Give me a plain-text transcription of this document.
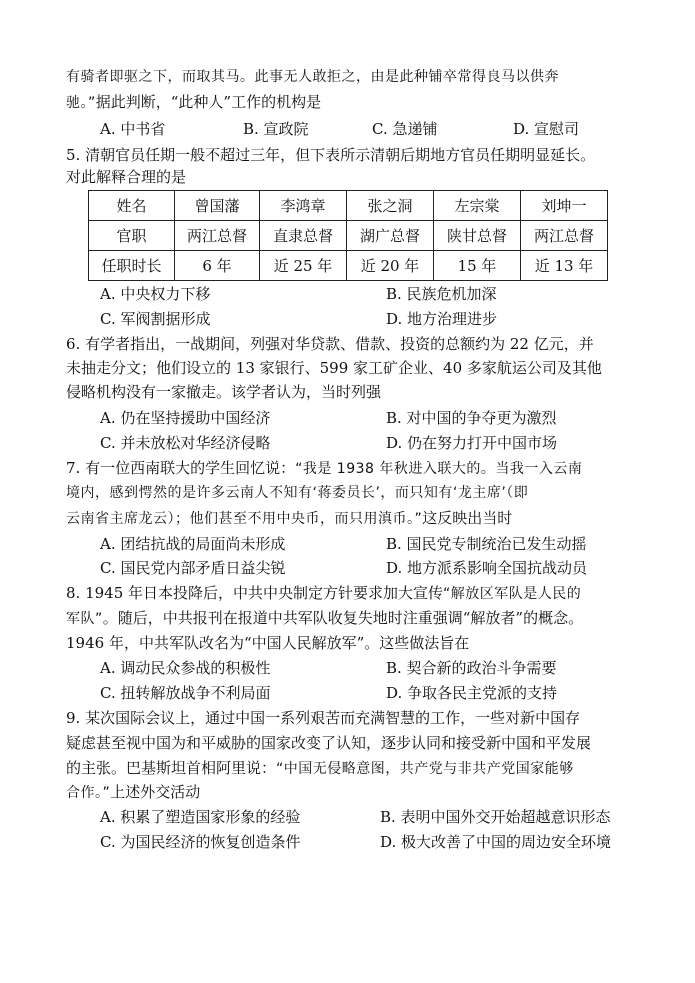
有骑者即驱之下，而取其马。此事无人敢拒之，由是此种铺卒常得良马以供奔
驰。”据此判断，“此种人”工作的机构是
A. 中书省	B. 宣政院	C. 急递铺	D. 宣慰司
5. 清朝官员任期一般不超过三年，但下表所示清朝后期地方官员任期明显延长。
对此解释合理的是
姓名	曾国藩	李鸿章	张之洞	左宗棠	刘坤一
官职	两江总督	直隶总督	湖广总督	陕甘总督	两江总督
任职时长	6 年	近 25 年	近 20 年	15 年	近 13 年
A. 中央权力下移	B. 民族危机加深
C. 军阀割据形成	D. 地方治理进步
6. 有学者指出，一战期间，列强对华贷款、借款、投资的总额约为 22 亿元，并
未抽走分文；他们设立的 13 家银行、599 家工矿企业、40 多家航运公司及其他
侵略机构没有一家撤走。该学者认为，当时列强
A. 仍在坚持援助中国经济	B. 对中国的争夺更为激烈
C. 并未放松对华经济侵略	D. 仍在努力打开中国市场
7. 有一位西南联大的学生回忆说：“我是 1938 年秋进入联大的。当我一入云南
境内，感到愕然的是许多云南人不知有‘蒋委员长’，而只知有‘龙主席’（即
云南省主席龙云）；他们甚至不用中央币，而只用滇币。”这反映出当时
A. 团结抗战的局面尚未形成	B. 国民党专制统治已发生动摇
C. 国民党内部矛盾日益尖锐	D. 地方派系影响全国抗战动员
8. 1945 年日本投降后，中共中央制定方针要求加大宣传“解放区军队是人民的
军队”。随后，中共报刊在报道中共军队收复失地时注重强调“解放者”的概念。
1946 年，中共军队改名为“中国人民解放军”。这些做法旨在
A. 调动民众参战的积极性	B. 契合新的政治斗争需要
C. 扭转解放战争不利局面	D. 争取各民主党派的支持
9. 某次国际会议上，通过中国一系列艰苦而充满智慧的工作，一些对新中国存
疑虑甚至视中国为和平威胁的国家改变了认知，逐步认同和接受新中国和平发展
的主张。巴基斯坦首相阿里说：“中国无侵略意图，共产党与非共产党国家能够
合作。”上述外交活动
A. 积累了塑造国家形象的经验	B. 表明中国外交开始超越意识形态
C. 为国民经济的恢复创造条件	D. 极大改善了中国的周边安全环境
